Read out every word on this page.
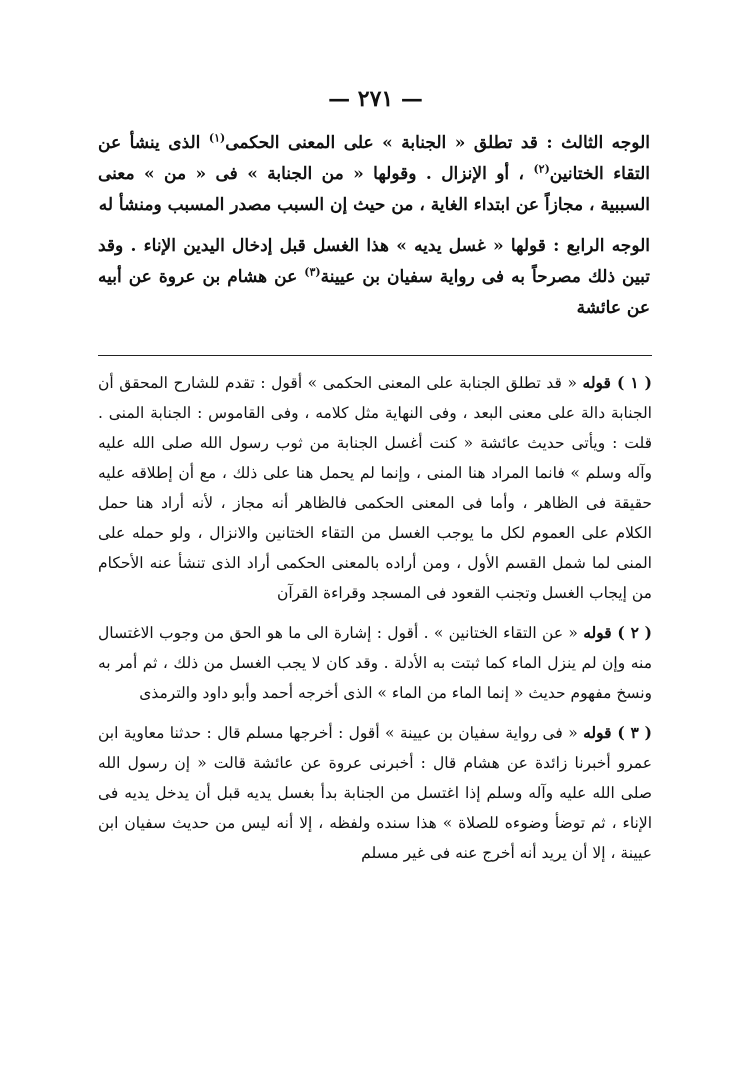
— ٢٧١ —

الوجه الثالث : قد تطلق « الجنابة » على المعنى الحكمى$^{(١)}$ الذى ينشأ عن التقاء الختانين$^{(٢)}$ ، أو الإنزال . وقولها « من الجنابة » فى « من » معنى السببية ، مجازاً عن ابتداء الغاية ، من حيث إن السبب مصدر المسبب ومنشأ له

الوجه الرابع : قولها « غسل يديه » هذا الغسل قبل إدخال اليدين الإناء . وقد تبين ذلك مصرحاً به فى رواية سفيان بن عيينة$^{(٣)}$ عن هشام بن عروة عن أبيه عن عائشة

( ١ ) قوله « قد تطلق الجنابة على المعنى الحكمى » أقول : تقدم للشارح المحقق أن الجنابة دالة على معنى البعد ، وفى النهاية مثل كلامه ، وفى القاموس : الجنابة المنى . قلت : ويأتى حديث عائشة « كنت أغسل الجنابة من ثوب رسول الله صلى الله عليه وآله وسلم » فانما المراد هنا المنى ، وإنما لم يحمل هنا على ذلك ، مع أن إطلاقه عليه حقيقة فى الظاهر ، وأما فى المعنى الحكمى فالظاهر أنه مجاز ، لأنه أراد هنا حمل الكلام على العموم لكل ما يوجب الغسل من التقاء الختانين والانزال ، ولو حمله على المنى لما شمل القسم الأول ، ومن أراده بالمعنى الحكمى أراد الذى تنشأ عنه الأحكام من إيجاب الغسل وتجنب القعود فى المسجد وقراءة القرآن

( ٢ ) قوله « عن التقاء الختانين » . أقول : إشارة الى ما هو الحق من وجوب الاغتسال منه وإن لم ينزل الماء كما ثبتت به الأدلة . وقد كان لا يجب الغسل من ذلك ، ثم أمر به ونسخ مفهوم حديث « إنما الماء من الماء » الذى أخرجه أحمد وأبو داود والترمذى

( ٣ ) قوله « فى رواية سفيان بن عيينة » أقول : أخرجها مسلم قال : حدثنا معاوية ابن عمرو أخبرنا زائدة عن هشام قال : أخبرنى عروة عن عائشة قالت « إن رسول الله صلى الله عليه وآله وسلم إذا اغتسل من الجنابة بدأ بغسل يديه قبل أن يدخل يديه فى الإناء ، ثم توضأ وضوءه للصلاة » هذا سنده ولفظه ، إلا أنه ليس من حديث سفيان ابن عيينة ، إلا أن يريد أنه أخرج عنه فى غير مسلم
